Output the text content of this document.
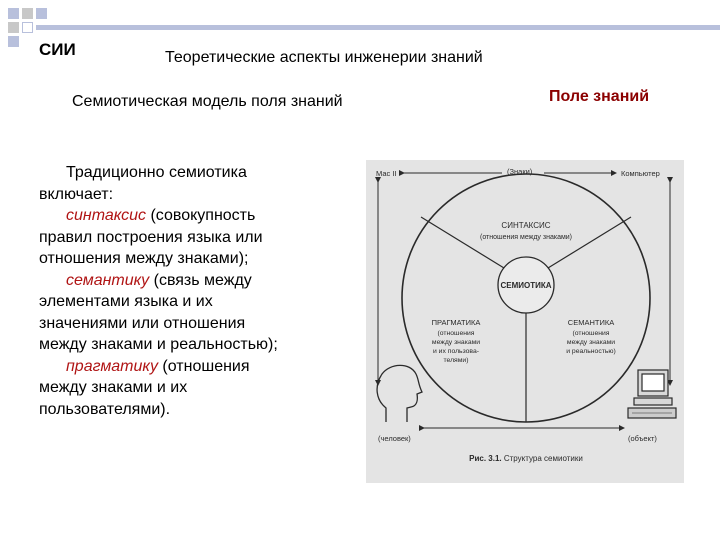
СИИ	Теоретические аспекты инженерии знаний
Семиотическая модель поля знаний	Поле знаний
Традиционно семиотика
включает:
синтаксис (совокупность
правил построения языка или
отношения между знаками);
семантику (связь между
элементами языка и их
значениями или отношения
между знаками и реальностью);
прагматику (отношения
между знаками и их
пользователями).
Мас II	(Знаки)	Компьютер
СИНТАКСИС
(отношения между знаками)
СЕМИОТИКА
ПРАГМАТИКА
(отношения
между знаками
и их пользова-
телями)
СЕМАНТИКА
(отношения
между знаками
и реальностью)
(человек)	(объект)
Рис. 3.1. Структура семиотики
